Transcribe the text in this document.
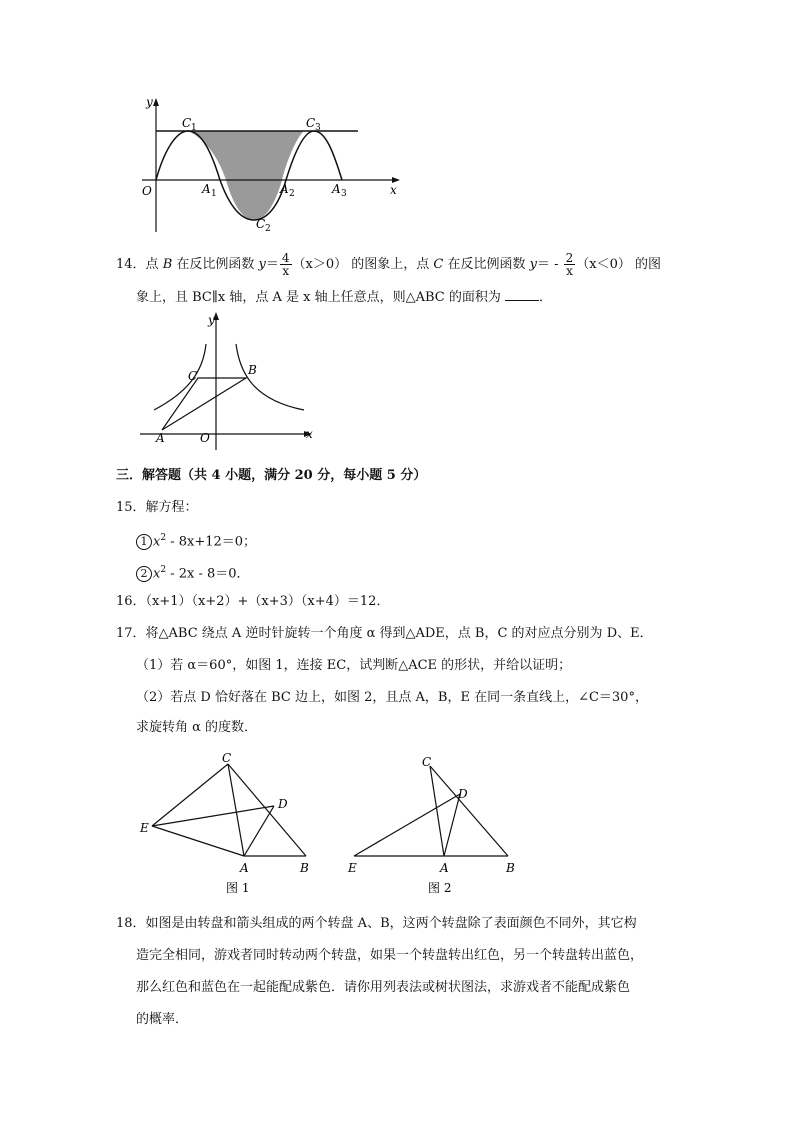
y
x
O
C 1	C 3
A 1	A 2	A 3
C 2
14．点 B 在反比例函数 $y= \frac{4}{x} (x>0)$ 的图象上，点 C 在反比例函数 $y= - \frac{2}{x} (x<0)$ 的图
象上，且 BC∥x 轴，点 A 是 x 轴上任意点，则△ABC 的面积为	．
y
x
O
A
B
C
三．解答题（共 4 小题，满分 20 分，每小题 5 分）
15．解方程：
1 $x^2 - 8x+12=0$；
2 $x^2 - 2x - 8=0$．
16．（x+1）（x+2）+（x+3）（x+4）＝12．
17．将△ABC 绕点 A 逆时针旋转一个角度 α 得到△ADE，点 B，C 的对应点分别为 D、E．
（1）若 α＝60°，如图 1，连接 EC，试判断△ACE 的形状，并给以证明；
（2）若点 D 恰好落在 BC 边上，如图 2，且点 A，B，E 在同一条直线上，∠C＝30°，
求旋转角 α 的度数．
C
D
E
A	B
图 1
C
D
E	A	B
图 2
18．如图是由转盘和箭头组成的两个转盘 A、B，这两个转盘除了表面颜色不同外，其它构
造完全相同，游戏者同时转动两个转盘，如果一个转盘转出红色，另一个转盘转出蓝色，
那么红色和蓝色在一起能配成紫色．请你用列表法或树状图法，求游戏者不能配成紫色
的概率．
